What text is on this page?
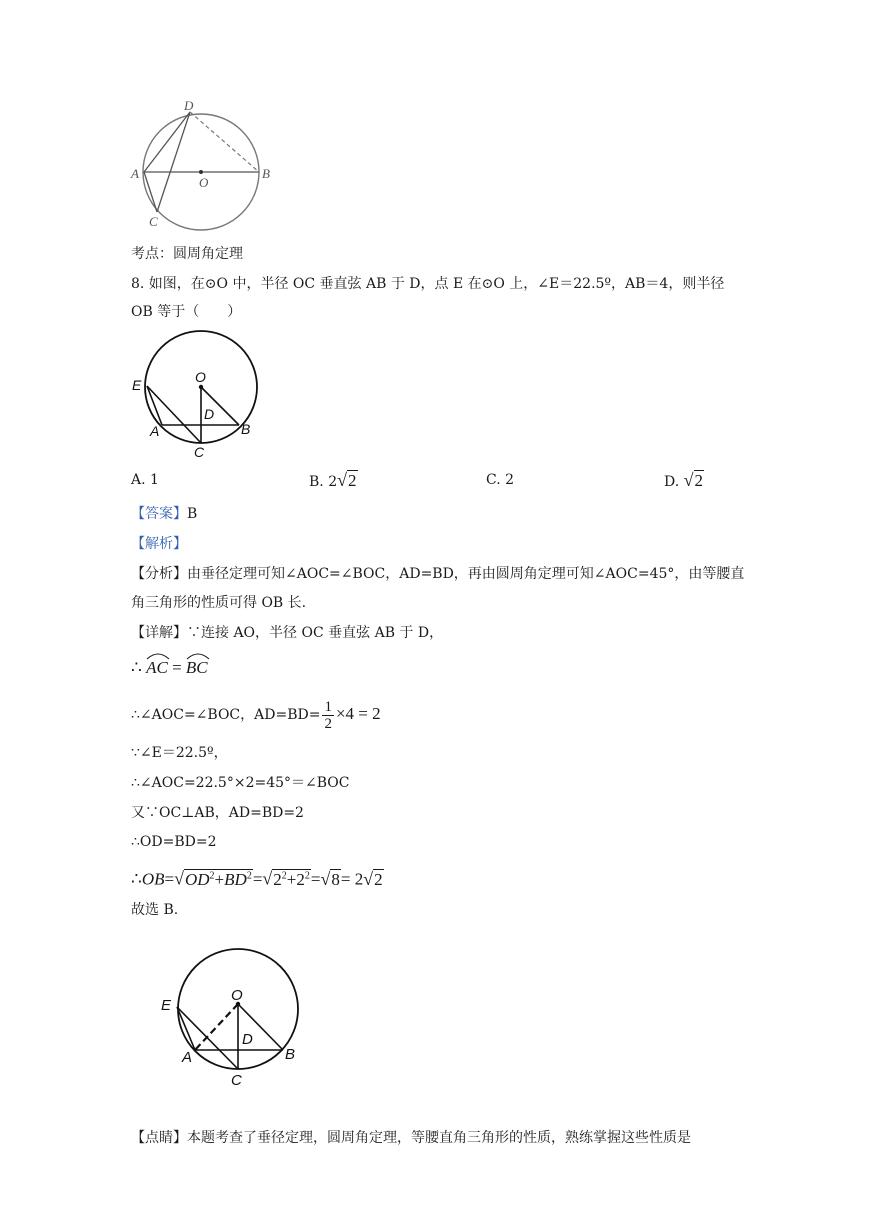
D
A
O
B
C
考点：圆周角定理
8. 如图，在⊙O 中，半径 OC 垂直弦 AB 于 D，点 E 在⊙O 上，∠E＝22.5º，AB＝4，则半径
OB 等于（　　）
E	O
D
A	B
C
A. 1	B. 2√2	C. 2	D. √2
【答案】B
【解析】
【分析】由垂径定理可知∠AOC=∠BOC，AD=BD，再由圆周角定理可知∠AOC=45°，由等腰直
角三角形的性质可得 OB 长.
【详解】∵连接 AO，半径 OC 垂直弦 AB 于 D，
∴ AC = BC
∴∠AOC=∠BOC，$AD=BD= \frac{1}{2} \times 4 = 2$
∵∠E＝22.5º，
∴∠AOC=22.5°×2=45°＝∠BOC
又∵OC⊥AB，AD=BD=2
∴OD=BD=2
$\therefore OB=√OD^2+BD^2=√2^2+2^2=√8= 2√2$
故选 B.
E
O
D
A	B
C
【点睛】本题考查了垂径定理，圆周角定理，等腰直角三角形的性质，熟练掌握这些性质是
